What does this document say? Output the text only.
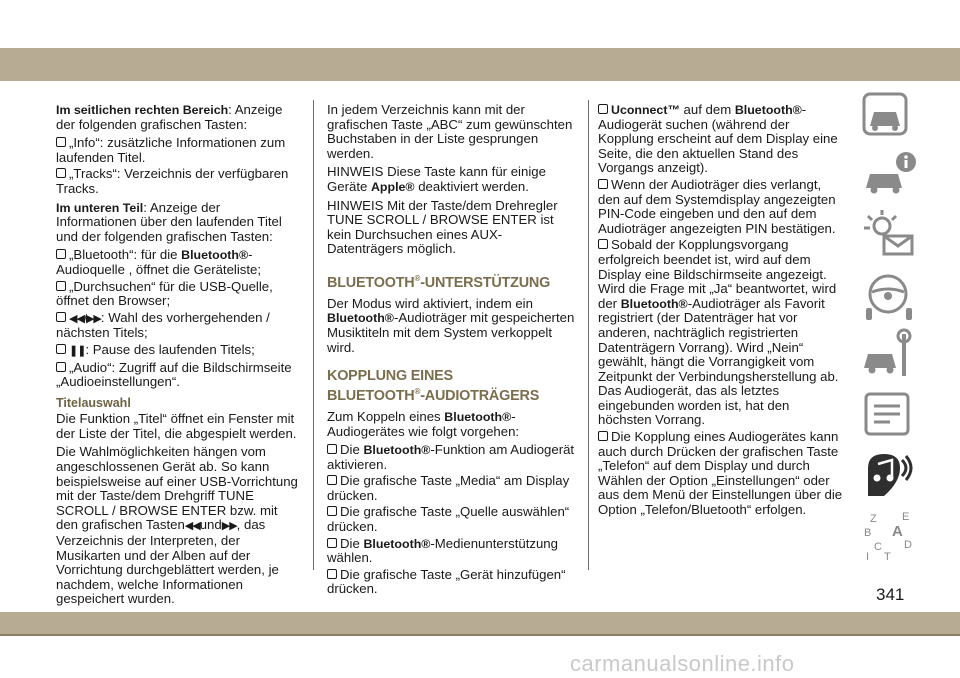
Im seitlichen rechten Bereich: Anzeige der folgenden grafischen Tasten:

„Info“: zusätzliche Informationen zum laufenden Titel.
„Tracks“: Verzeichnis der verfügbaren Tracks.

Im unteren Teil: Anzeige der Informationen über den laufenden Titel und der folgenden grafischen Tasten:

„Bluetooth“: für die Bluetooth®-Audioquelle , öffnet die Geräteliste;
„Durchsuchen“ für die USB-Quelle, öffnet den Browser;
◀◀/▶▶: Wahl des vorhergehenden / nächsten Titels;
❚❚: Pause des laufenden Titels;
„Audio“: Zugriff auf die Bildschirmseite „Audioeinstellungen“.
Titelauswahl

Die Funktion „Titel“ öffnet ein Fenster mit der Liste der Titel, die abgespielt werden.

Die Wahlmöglichkeiten hängen vom angeschlossenen Gerät ab. So kann beispielsweise auf einer USB-Vorrichtung mit der Taste/dem Drehgriff TUNE SCROLL / BROWSE ENTER bzw. mit den grafischen Tasten◀◀und▶▶, das Verzeichnis der Interpreten, der Musikarten und der Alben auf der Vorrichtung durchgeblättert werden, je nachdem, welche Informationen gespeichert wurden.

In jedem Verzeichnis kann mit der grafischen Taste „ABC“ zum gewünschten Buchstaben in der Liste gesprungen werden.

HINWEIS Diese Taste kann für einige Geräte Apple® deaktiviert werden.

HINWEIS Mit der Taste/dem Drehregler TUNE SCROLL / BROWSE ENTER ist kein Durchsuchen eines AUX-Datenträgers möglich.

BLUETOOTH®-UNTERSTÜTZUNG

Der Modus wird aktiviert, indem ein Bluetooth®-Audioträger mit gespeicherten Musiktiteln mit dem System verkoppelt wird.

KOPPLUNG EINES
BLUETOOTH®-AUDIOTRÄGERS

Zum Koppeln eines Bluetooth®-Audiogerätes wie folgt vorgehen:

Die Bluetooth®-Funktion am Audiogerät aktivieren.
Die grafische Taste „Media“ am Display drücken.
Die grafische Taste „Quelle auswählen“ drücken.
Die Bluetooth®-Medienunterstützung wählen.
Die grafische Taste „Gerät hinzufügen“ drücken.
Uconnect™ auf dem Bluetooth®-Audiogerät suchen (während der Kopplung erscheint auf dem Display eine Seite, die den aktuellen Stand des Vorgangs anzeigt).
Wenn der Audioträger dies verlangt, den auf dem Systemdisplay angezeigten PIN-Code eingeben und den auf dem Audioträger angezeigten PIN bestätigen.
Sobald der Kopplungsvorgang erfolgreich beendet ist, wird auf dem Display eine Bildschirmseite angezeigt. Wird die Frage mit „Ja“ beantwortet, wird der Bluetooth®-Audioträger als Favorit registriert (der Datenträger hat vor anderen, nachträglich registrierten Datenträgern Vorrang). Wird „Nein“ gewählt, hängt die Vorrangigkeit vom Zeitpunkt der Verbindungsherstellung ab. Das Audiogerät, das als letztes eingebunden worden ist, hat den höchsten Vorrang.
Die Kopplung eines Audiogerätes kann auch durch Drücken der grafischen Taste „Telefon“ auf dem Display und durch Wählen der Option „Einstellungen“ oder aus dem Menü der Einstellungen über die Option „Telefon/Bluetooth“ erfolgen.
Z E
B A
C D
I T
341
carmanualsonline.info
